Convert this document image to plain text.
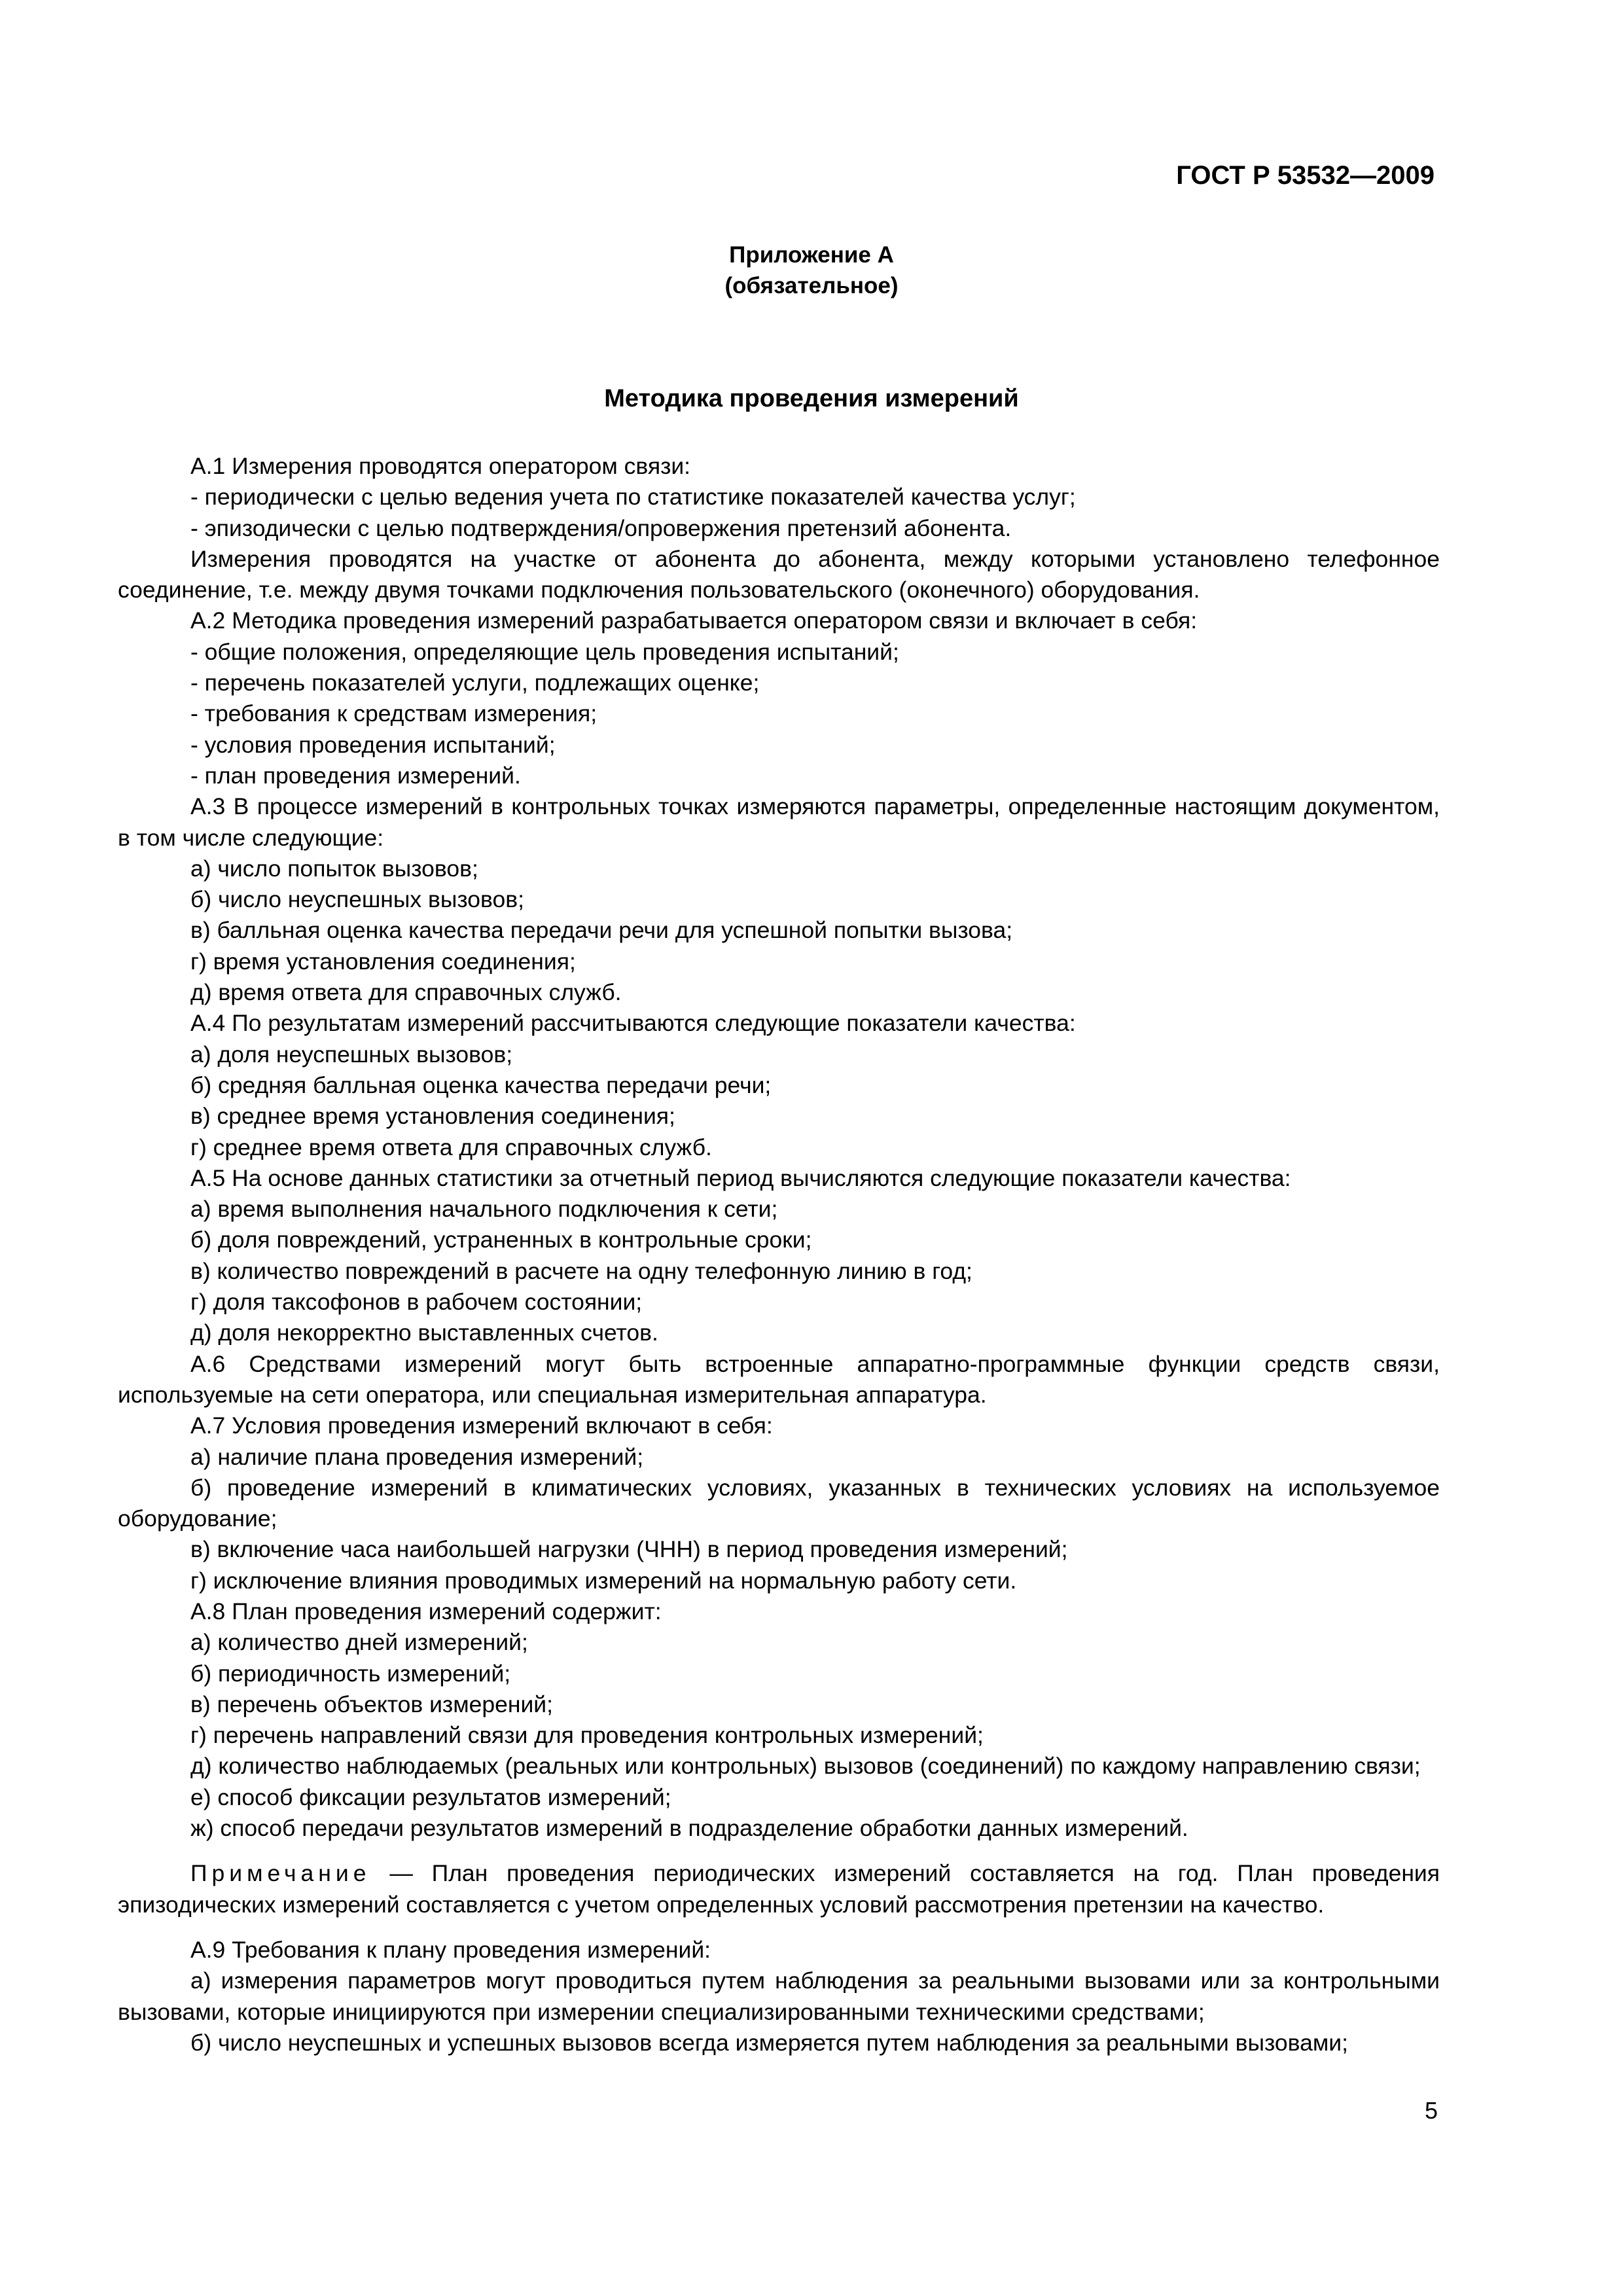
ГОСТ Р 53532—2009
Приложение А
(обязательное)
Методика проведения измерений

А.1 Измерения проводятся оператором связи:

- периодически с целью ведения учета по статистике показателей качества услуг;

- эпизодически с целью подтверждения/опровержения претензий абонента.

Измерения проводятся на участке от абонента до абонента, между которыми установлено телефонное соединение, т.е. между двумя точками подключения пользовательского (оконечного) оборудования.

А.2 Методика проведения измерений разрабатывается оператором связи и включает в себя:

- общие положения, определяющие цель проведения испытаний;

- перечень показателей услуги, подлежащих оценке;

- требования к средствам измерения;

- условия проведения испытаний;

- план проведения измерений.

А.3 В процессе измерений в контрольных точках измеряются параметры, определенные настоящим документом, в том числе следующие:

а) число попыток вызовов;

б) число неуспешных вызовов;

в) балльная оценка качества передачи речи для успешной попытки вызова;

г) время установления соединения;

д) время ответа для справочных служб.

А.4 По результатам измерений рассчитываются следующие показатели качества:

а) доля неуспешных вызовов;

б) средняя балльная оценка качества передачи речи;

в) среднее время установления соединения;

г) среднее время ответа для справочных служб.

А.5 На основе данных статистики за отчетный период вычисляются следующие показатели качества:

а) время выполнения начального подключения к сети;

б) доля повреждений, устраненных в контрольные сроки;

в) количество повреждений в расчете на одну телефонную линию в год;

г) доля таксофонов в рабочем состоянии;

д) доля некорректно выставленных счетов.

А.6 Средствами измерений могут быть встроенные аппаратно-программные функции средств связи, используемые на сети оператора, или специальная измерительная аппаратура.

А.7 Условия проведения измерений включают в себя:

а) наличие плана проведения измерений;

б) проведение измерений в климатических условиях, указанных в технических условиях на используемое оборудование;

в) включение часа наибольшей нагрузки (ЧНН) в период проведения измерений;

г) исключение влияния проводимых измерений на нормальную работу сети.

А.8 План проведения измерений содержит:

а) количество дней измерений;

б) периодичность измерений;

в) перечень объектов измерений;

г) перечень направлений связи для проведения контрольных измерений;

д) количество наблюдаемых (реальных или контрольных) вызовов (соединений) по каждому направлению связи;

е) способ фиксации результатов измерений;

ж) способ передачи результатов измерений в подразделение обработки данных измерений.

Примечание — План проведения периодических измерений составляется на год. План проведения эпизодических измерений составляется с учетом определенных условий рассмотрения претензии на качество.

А.9 Требования к плану проведения измерений:

а) измерения параметров могут проводиться путем наблюдения за реальными вызовами или за контрольными вызовами, которые инициируются при измерении специализированными техническими средствами;

б) число неуспешных и успешных вызовов всегда измеряется путем наблюдения за реальными вызовами;

5
